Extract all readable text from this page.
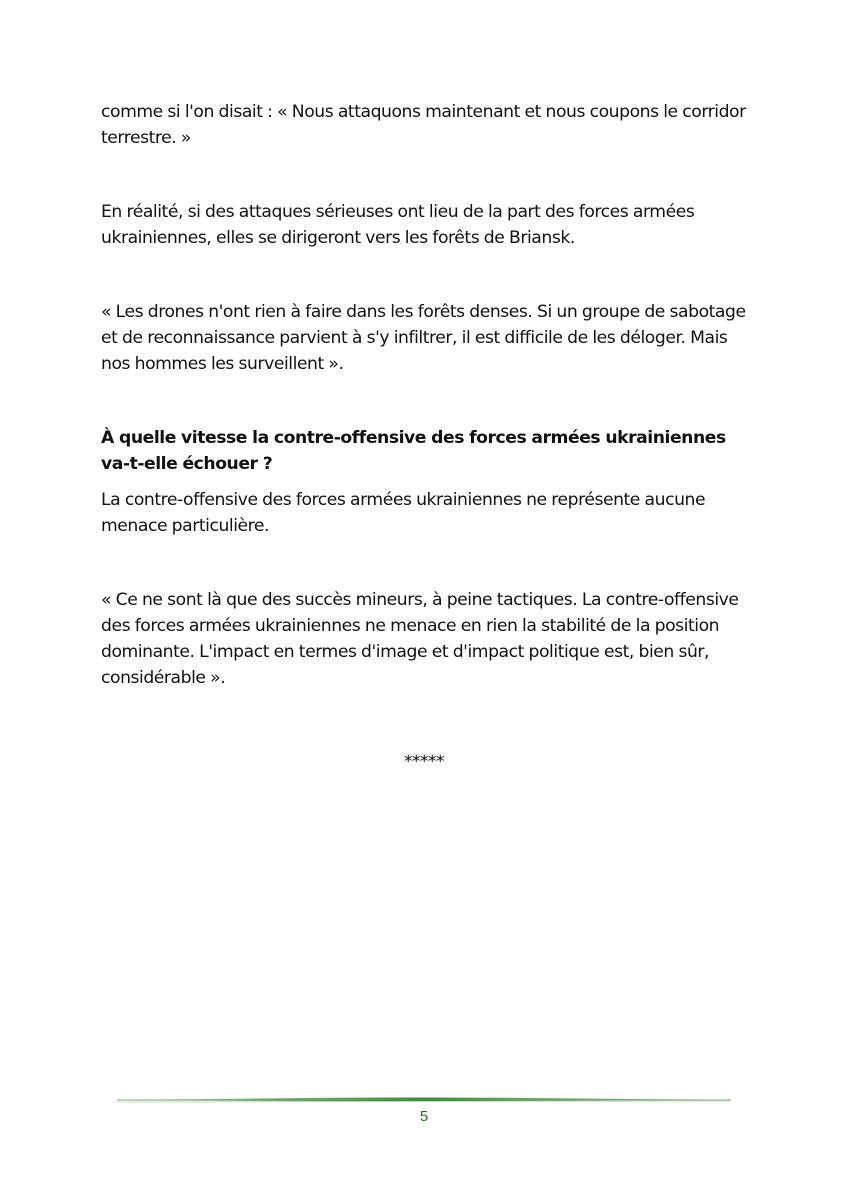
comme si l'on disait : « Nous attaquons maintenant et nous coupons le corridor terrestre. »

En réalité, si des attaques sérieuses ont lieu de la part des forces armées ukrainiennes, elles se dirigeront vers les forêts de Briansk.

« Les drones n'ont rien à faire dans les forêts denses. Si un groupe de sabotage et de reconnaissance parvient à s'y infiltrer, il est difficile de les déloger. Mais nos hommes les surveillent ».

À quelle vitesse la contre-offensive des forces armées ukrainiennes va-t-elle échouer ?

La contre-offensive des forces armées ukrainiennes ne représente aucune menace particulière.

« Ce ne sont là que des succès mineurs, à peine tactiques. La contre-offensive des forces armées ukrainiennes ne menace en rien la stabilité de la position dominante. L'impact en termes d'image et d'impact politique est, bien sûr, considérable ».

*****
5
